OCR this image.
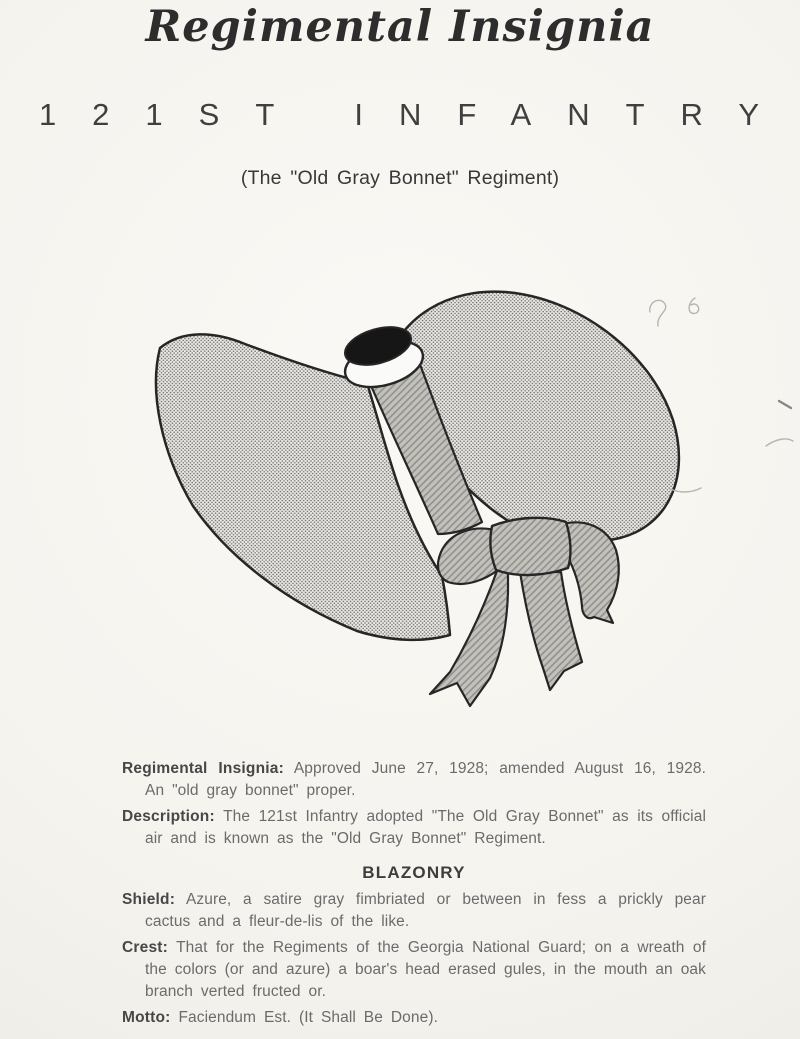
Regimental Insignia
121ST INFANTRY
(The "Old Gray Bonnet" Regiment)

Regimental Insignia: Approved June 27, 1928; amended August 16, 1928. An "old gray bonnet" proper.

Description: The 121st Infantry adopted "The Old Gray Bonnet" as its official air and is known as the "Old Gray Bonnet" Regiment.

BLAZONRY

Shield: Azure, a satire gray fimbriated or between in fess a prickly pear cactus and a fleur-de-lis of the like.

Crest: That for the Regiments of the Georgia National Guard; on a wreath of the colors (or and azure) a boar's head erased gules, in the mouth an oak branch verted fructed or.

Motto: Faciendum Est. (It Shall Be Done).
